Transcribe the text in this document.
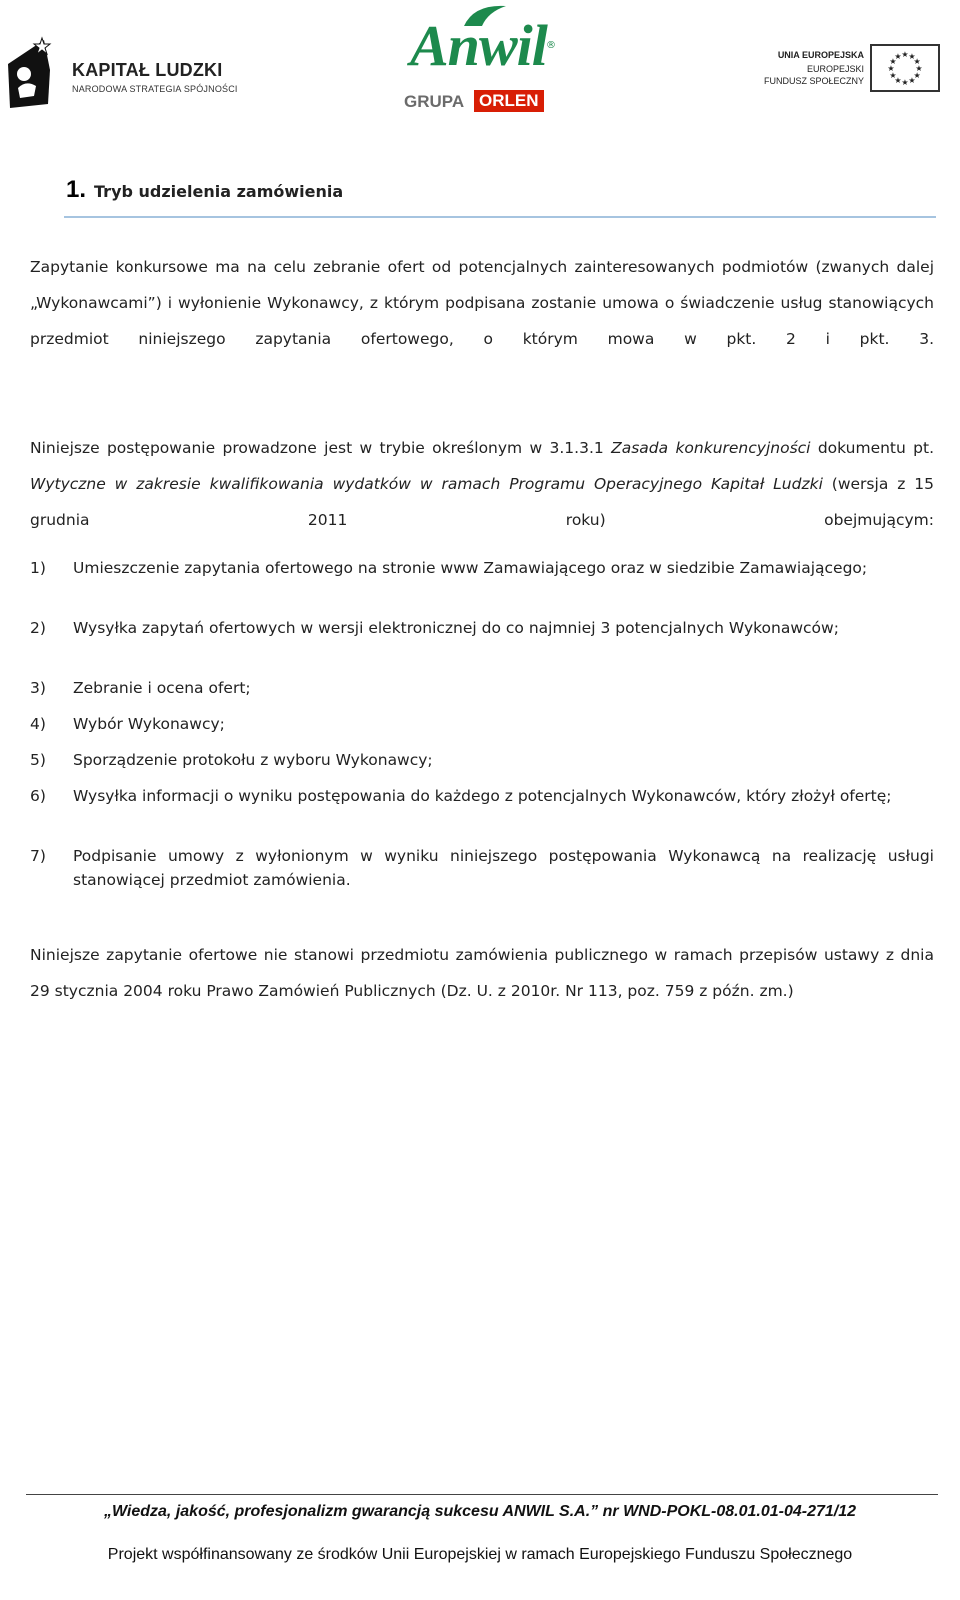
KAPITAŁ LUDZKI
NARODOWA STRATEGIA SPÓJNOŚCI
Anwil ®
GRUPA ORLEN
UNIA EUROPEJSKA
EUROPEJSKI
FUNDUSZ SPOŁECZNY
★ ★
★
★
★
★
★
★
★
★
★
★
1. Tryb udzielenia zamówienia
Zapytanie konkursowe ma na celu zebranie ofert od potencjalnych zainteresowanych podmiotów (zwanych dalej „Wykonawcami”) i wyłonienie Wykonawcy, z którym podpisana zostanie umowa o świadczenie usług stanowiących przedmiot niniejszego zapytania ofertowego, o którym mowa w pkt. 2 i pkt. 3.
Niniejsze postępowanie prowadzone jest w trybie określonym w 3.1.3.1 Zasada konkurencyjności dokumentu pt. Wytyczne w zakresie kwalifikowania wydatków w ramach Programu Operacyjnego Kapitał Ludzki (wersja z 15 grudnia 2011 roku) obejmującym:
1) Umieszczenie zapytania ofertowego na stronie www Zamawiającego oraz w siedzibie Zamawiającego;
2) Wysyłka zapytań ofertowych w wersji elektronicznej do co najmniej 3 potencjalnych Wykonawców;
3) Zebranie i ocena ofert;
4) Wybór Wykonawcy;
5) Sporządzenie protokołu z wyboru Wykonawcy;
6) Wysyłka informacji o wyniku postępowania do każdego z potencjalnych Wykonawców, który złożył ofertę;
7) Podpisanie umowy z wyłonionym w wyniku niniejszego postępowania Wykonawcą na realizację usługi stanowiącej przedmiot zamówienia.
Niniejsze zapytanie ofertowe nie stanowi przedmiotu zamówienia publicznego w ramach przepisów ustawy z dnia 29 stycznia 2004 roku Prawo Zamówień Publicznych (Dz. U. z 2010r. Nr 113, poz. 759 z późn. zm.)
„Wiedza, jakość, profesjonalizm gwarancją sukcesu ANWIL S.A.” nr WND-POKL-08.01.01-04-271/12
Projekt współfinansowany ze środków Unii Europejskiej w ramach Europejskiego Funduszu Społecznego
